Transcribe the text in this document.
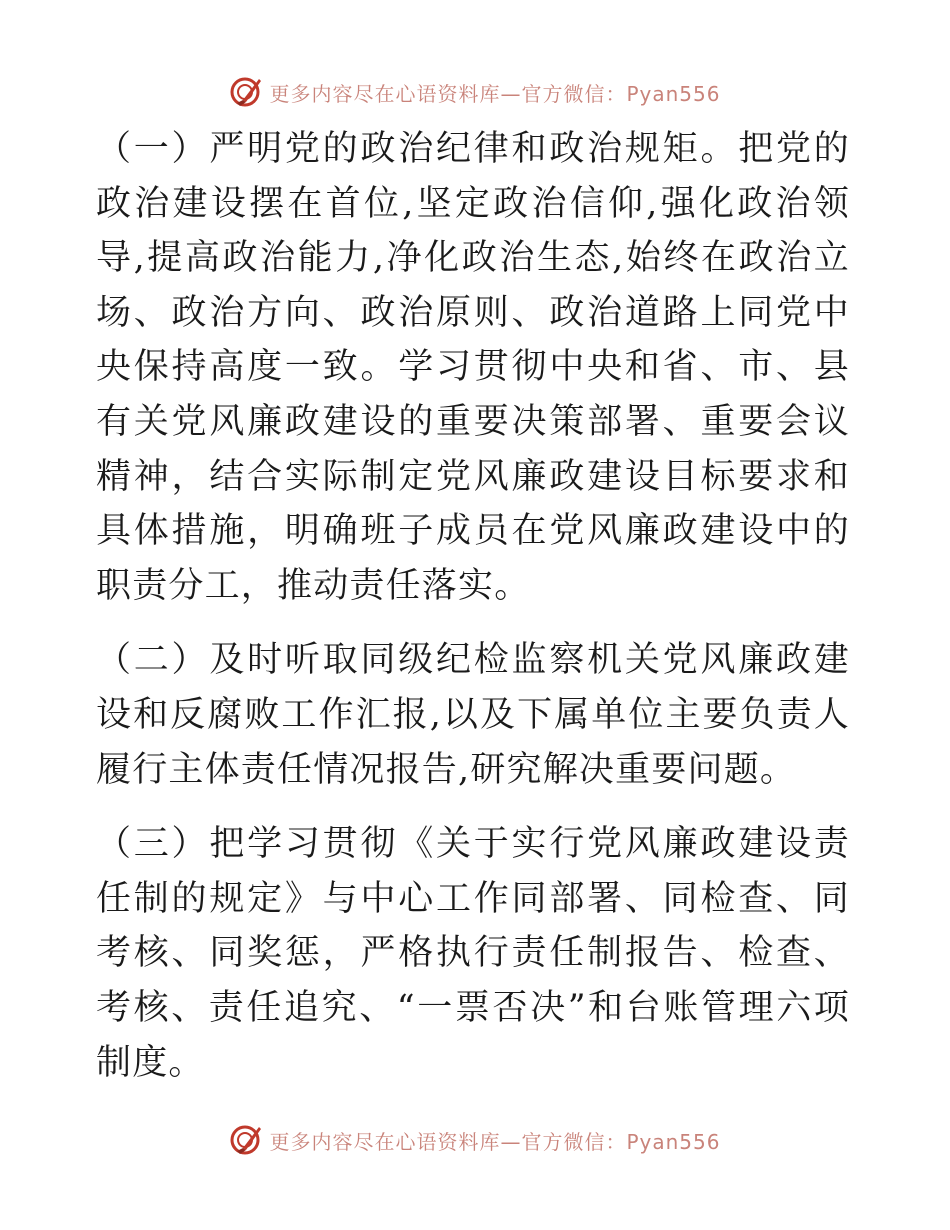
更多内容尽在心语资料库—官方微信：Pyan556

（一）严明党的政治纪律和政治规矩。把党的政治建设摆在首位,坚定政治信仰,强化政治领导,提高政治能力,净化政治生态,始终在政治立场、政治方向、政治原则、政治道路上同党中央保持高度一致。学习贯彻中央和省、市、县有关党风廉政建设的重要决策部署、重要会议精神，结合实际制定党风廉政建设目标要求和具体措施，明确班子成员在党风廉政建设中的职责分工，推动责任落实。

（二）及时听取同级纪检监察机关党风廉政建设和反腐败工作汇报,以及下属单位主要负责人履行主体责任情况报告,研究解决重要问题。

（三）把学习贯彻《关于实行党风廉政建设责任制的规定》与中心工作同部署、同检查、同考核、同奖惩，严格执行责任制报告、检查、考核、责任追究、“一票否决”和台账管理六项制度。

更多内容尽在心语资料库—官方微信：Pyan556
